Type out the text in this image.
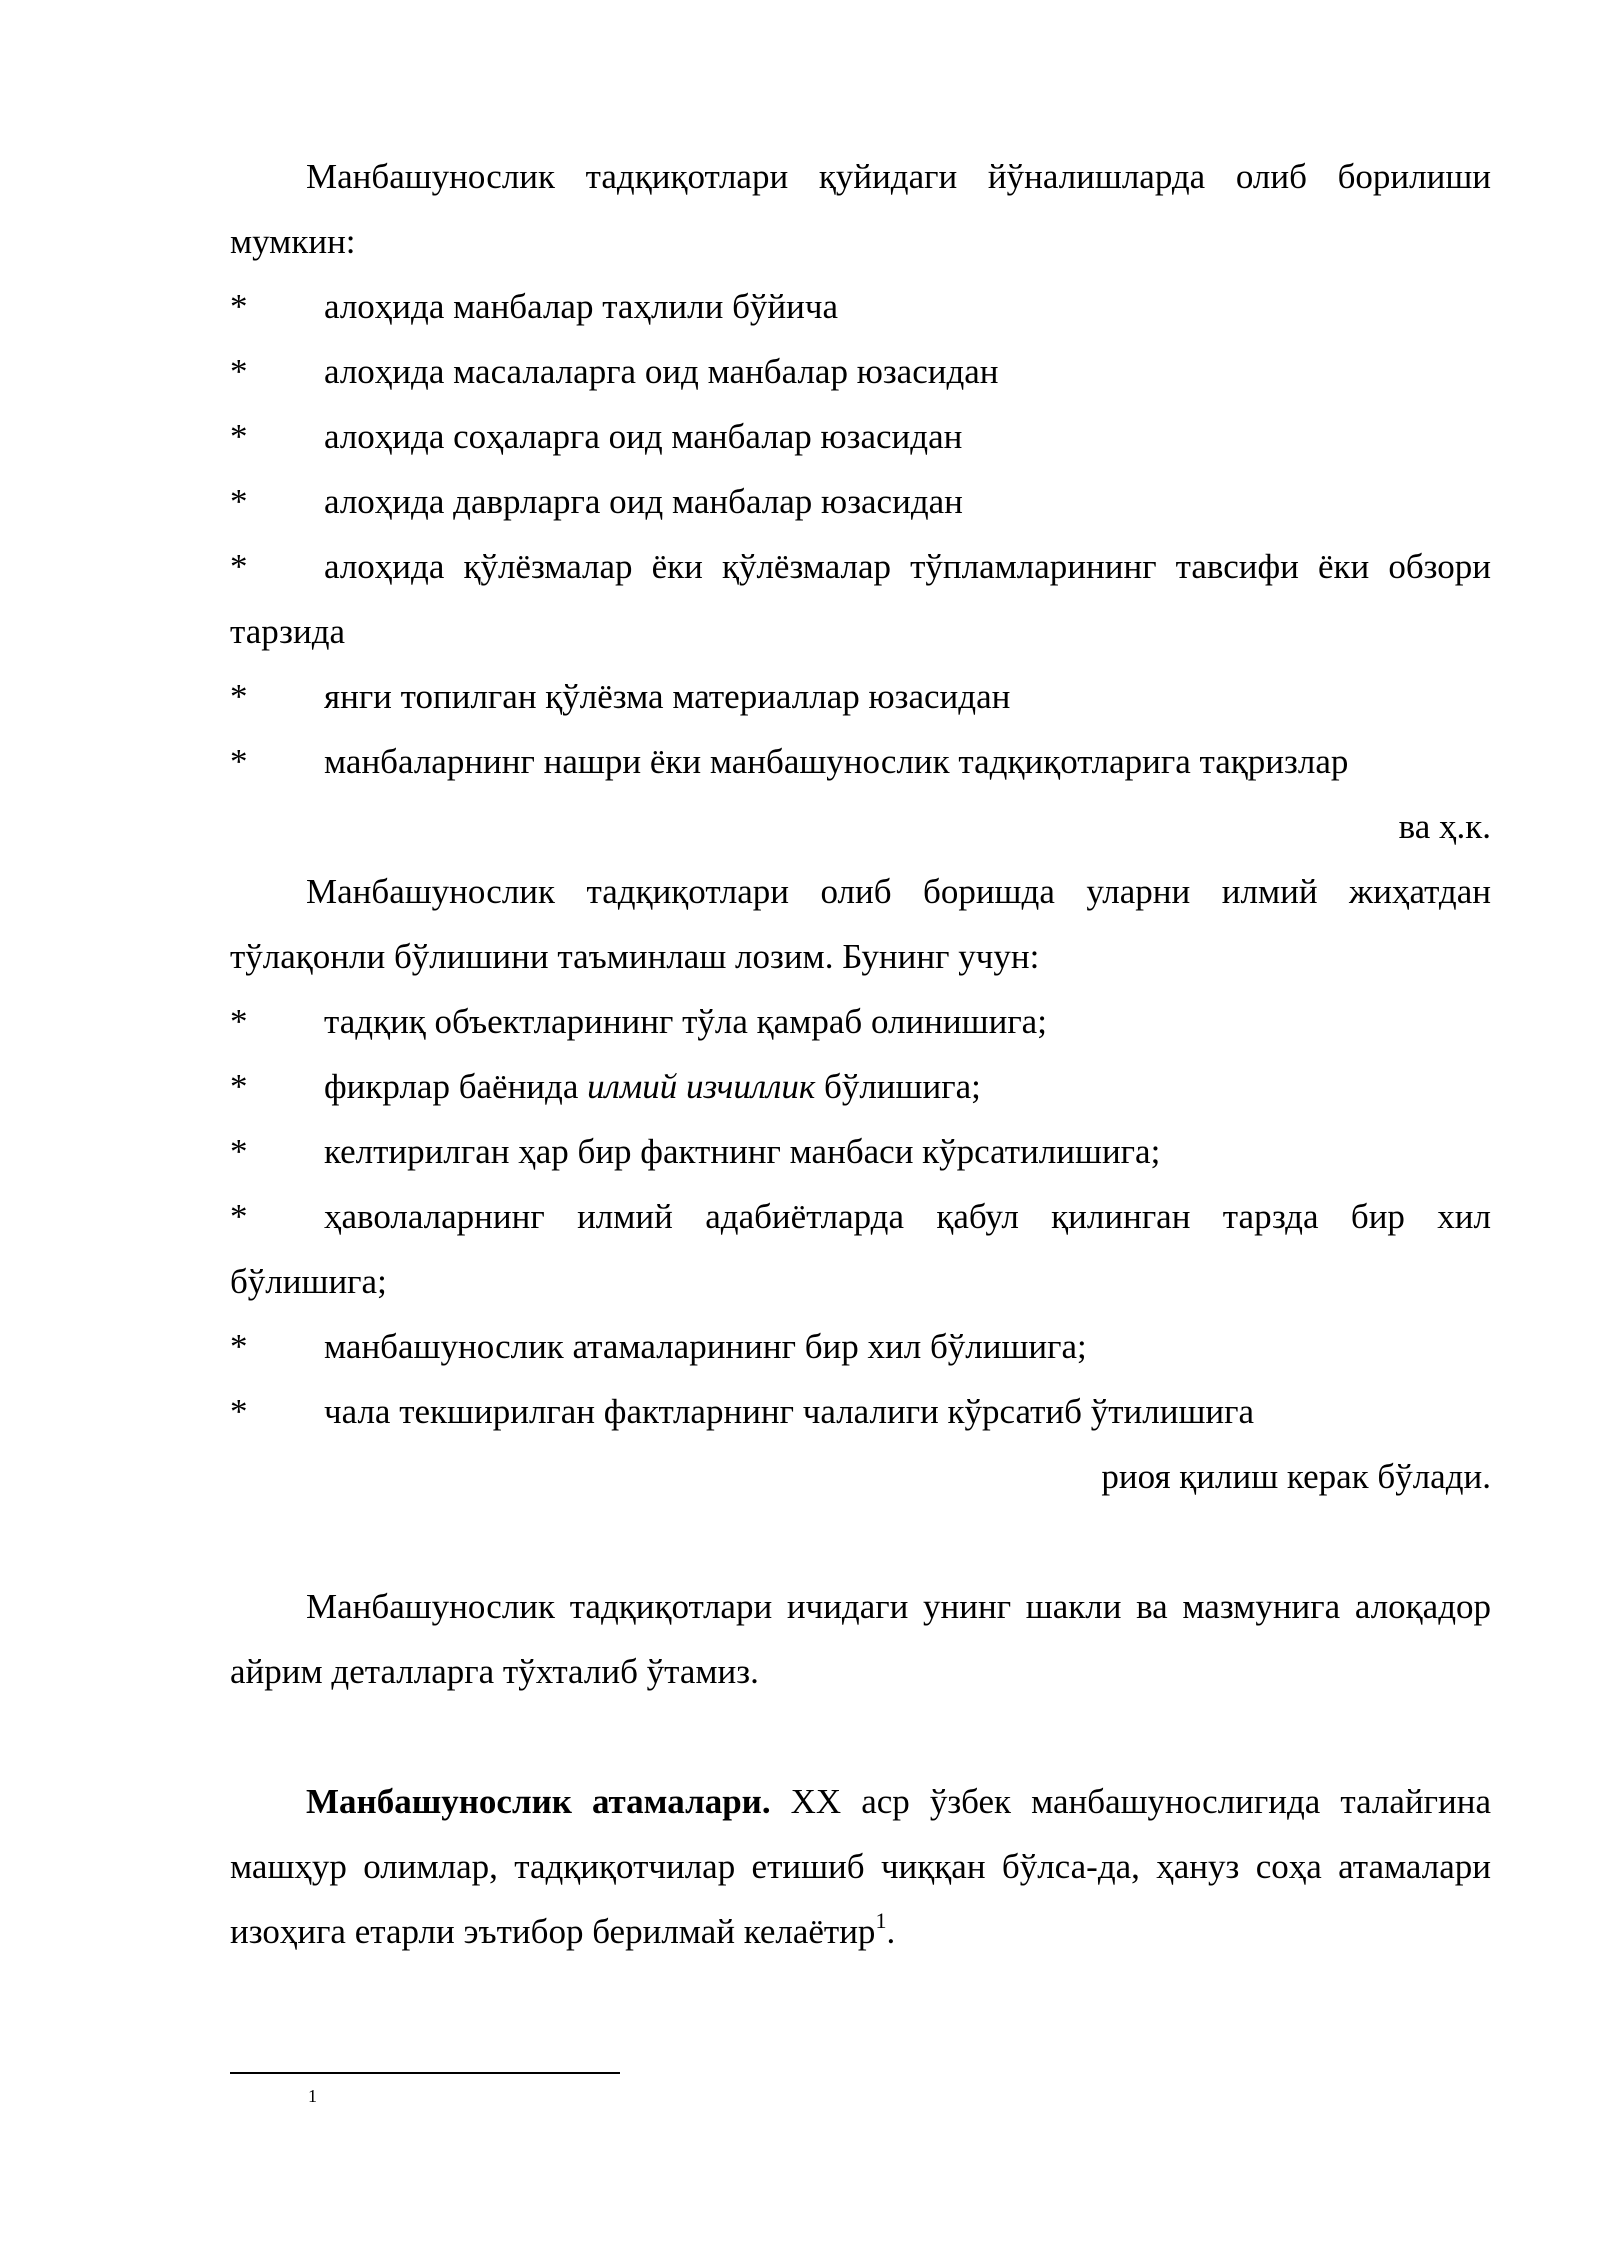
Манбашунослик тадқиқотлари қуйидаги йўналишларда олиб борилиши мумкин:

* алоҳида манбалар таҳлили бўйича

* алоҳида масалаларга оид манбалар юзасидан

* алоҳида соҳаларга оид манбалар юзасидан

* алоҳида даврларга оид манбалар юзасидан

* алоҳида қўлёзмалар ёки қўлёзмалар тўпламларининг тавсифи ёки обзори тарзида

* янги топилган қўлёзма материаллар юзасидан

* манбаларнинг нашри ёки манбашунослик тадқиқотларига тақризлар

ва ҳ.к.

Манбашунослик тадқиқотлари олиб боришда уларни илмий жиҳатдан тўлақонли бўлишини таъминлаш лозим. Бунинг учун:

* тадқиқ объектларининг тўла қамраб олинишига;

* фикрлар баёнида илмий изчиллик бўлишига;

* келтирилган ҳар бир фактнинг манбаси кўрсатилишига;

* ҳаволаларнинг илмий адабиётларда қабул қилинган тарзда бир хил бўлишига;

* манбашунослик атамаларининг бир хил бўлишига;

* чала текширилган фактларнинг чалалиги кўрсатиб ўтилишига

риоя қилиш керак бўлади.

Манбашунослик тадқиқотлари ичидаги унинг шакли ва мазмунига алоқадор айрим деталларга тўхталиб ўтамиз.

Манбашунослик атамалари. XX аср ўзбек манбашунослигида талайгина машҳур олимлар, тадқиқотчилар етишиб чиққан бўлса-да, ҳануз соҳа атамалари изоҳига етарли эътибор берилмай келаётир$^1$.

1
